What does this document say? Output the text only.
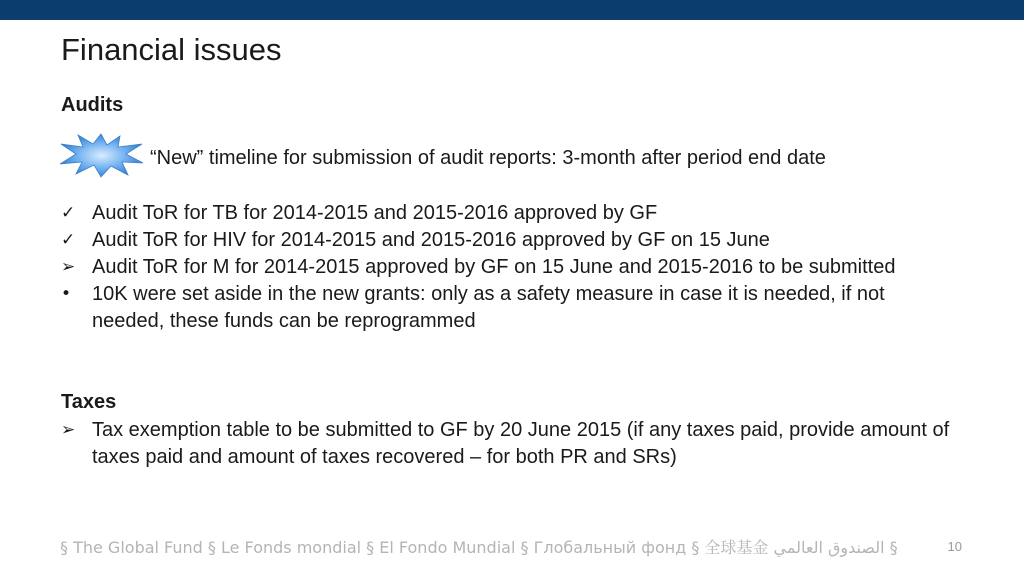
Financial issues
Audits
“New” timeline for submission of audit reports: 3-month after period end date
✓ Audit ToR for TB for 2014-2015 and 2015-2016 approved by GF
✓ Audit ToR for HIV for 2014-2015 and 2015-2016 approved by GF on 15 June
➢ Audit ToR for M for 2014-2015 approved by GF on 15 June and 2015-2016 to be submitted
•	10K were set aside in the new grants: only as a safety measure in case it is needed, if not needed, these funds can be reprogrammed
Taxes
➢ Tax exemption table to be submitted to GF by 20 June 2015 (if any taxes paid, provide amount of taxes paid and amount of taxes recovered – for both PR and SRs)
§ The Global Fund § Le Fonds mondial § El Fondo Mundial § Глобальный фонд § 全球基金 الصندوق العالمي §	10
